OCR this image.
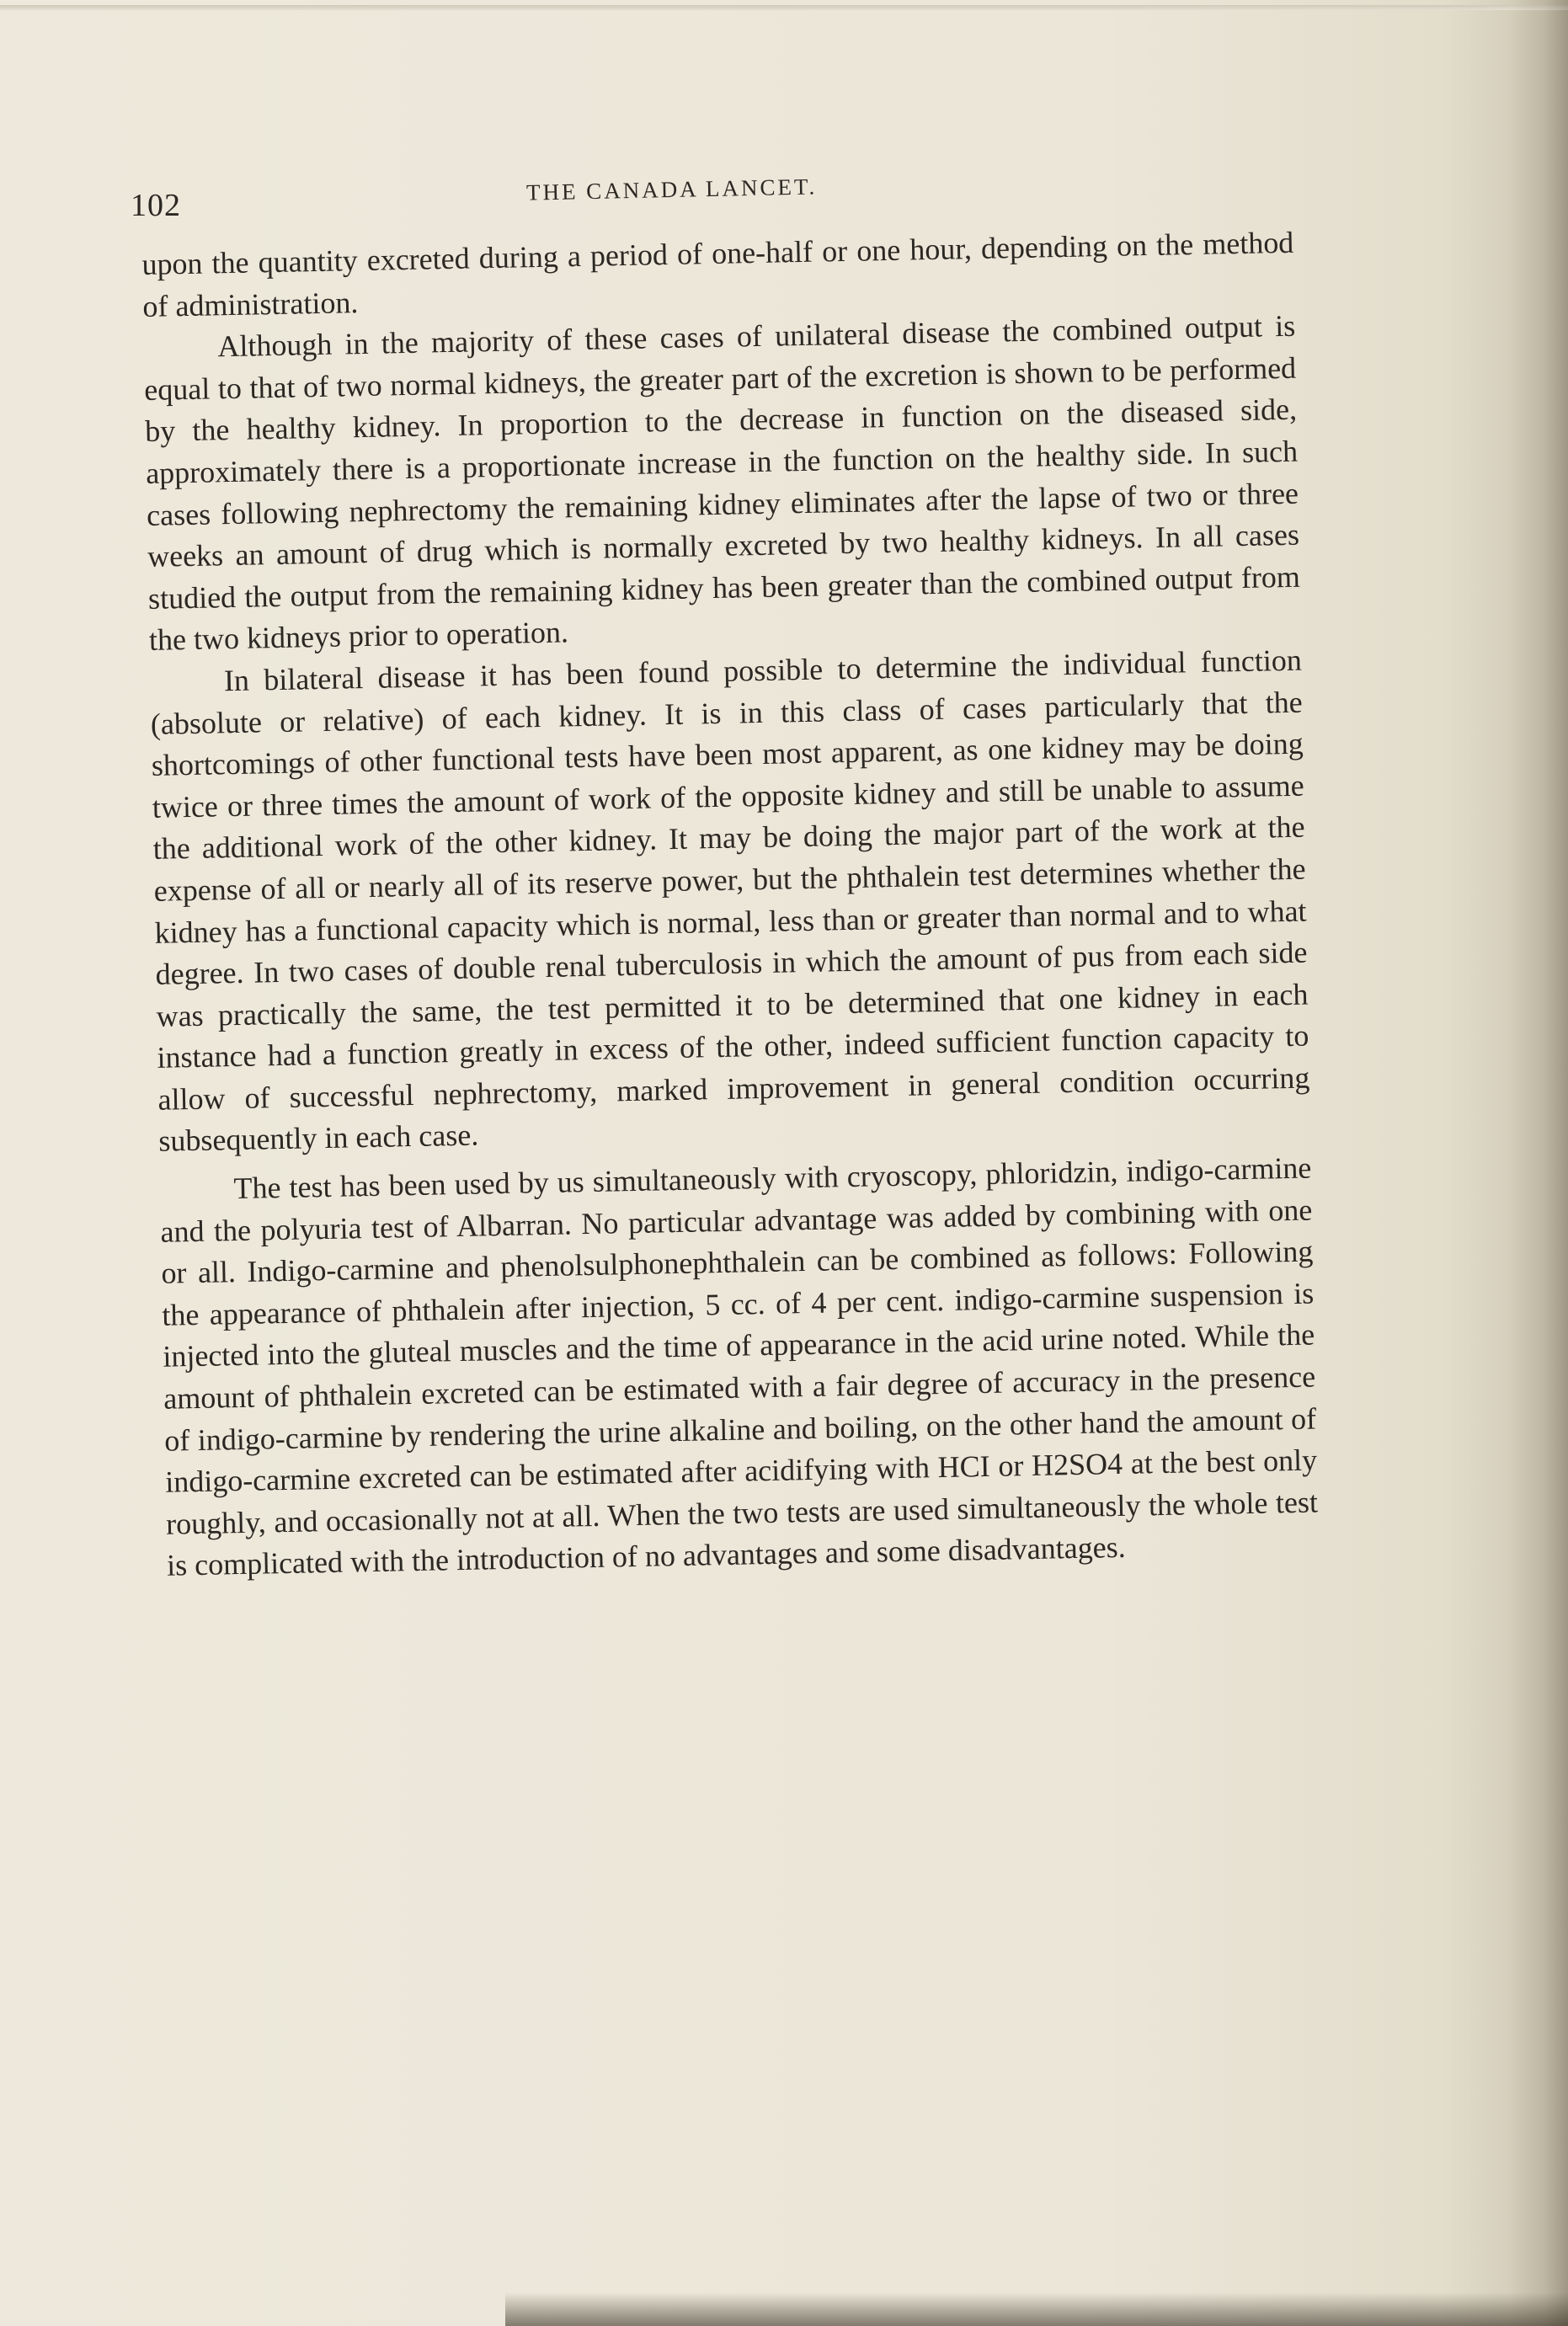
102	THE CANADA LANCET.

upon the quantity excreted during a period of one-half or one hour, depending on the method of administration.

Although in the majority of these cases of unilateral disease the combined output is equal to that of two normal kidneys, the greater part of the excretion is shown to be performed by the healthy kidney. In proportion to the decrease in function on the diseased side, approximately there is a proportionate increase in the function on the healthy side. In such cases following nephrectomy the remaining kidney eliminates after the lapse of two or three weeks an amount of drug which is normally excreted by two healthy kidneys. In all cases studied the output from the remaining kidney has been greater than the combined output from the two kidneys prior to operation.

In bilateral disease it has been found possible to determine the individual function (absolute or relative) of each kidney. It is in this class of cases particularly that the shortcomings of other functional tests have been most apparent, as one kidney may be doing twice or three times the amount of work of the opposite kidney and still be unable to assume the additional work of the other kidney. It may be doing the major part of the work at the expense of all or nearly all of its reserve power, but the phthalein test determines whether the kidney has a functional capacity which is normal, less than or greater than normal and to what degree. In two cases of double renal tuberculosis in which the amount of pus from each side was practically the same, the test permitted it to be determined that one kidney in each instance had a function greatly in excess of the other, indeed sufficient function capacity to allow of successful nephrectomy, marked improvement in general condition occurring subsequently in each case.

The test has been used by us simultaneously with cryoscopy, phloridzin, indigo-carmine and the polyuria test of Albarran. No particular advantage was added by combining with one or all. Indigo-carmine and phenolsulphonephthalein can be combined as follows: Following the appearance of phthalein after injection, 5 cc. of 4 per cent. indigo-carmine suspension is injected into the gluteal muscles and the time of appearance in the acid urine noted. While the amount of phthalein excreted can be estimated with a fair degree of accuracy in the presence of indigo-carmine by rendering the urine alkaline and boiling, on the other hand the amount of indigo-carmine excreted can be estimated after acidifying with HCI or H2SO4 at the best only roughly, and occasionally not at all. When the two tests are used simultaneously the whole test is complicated with the introduction of no advantages and some disadvantages.
